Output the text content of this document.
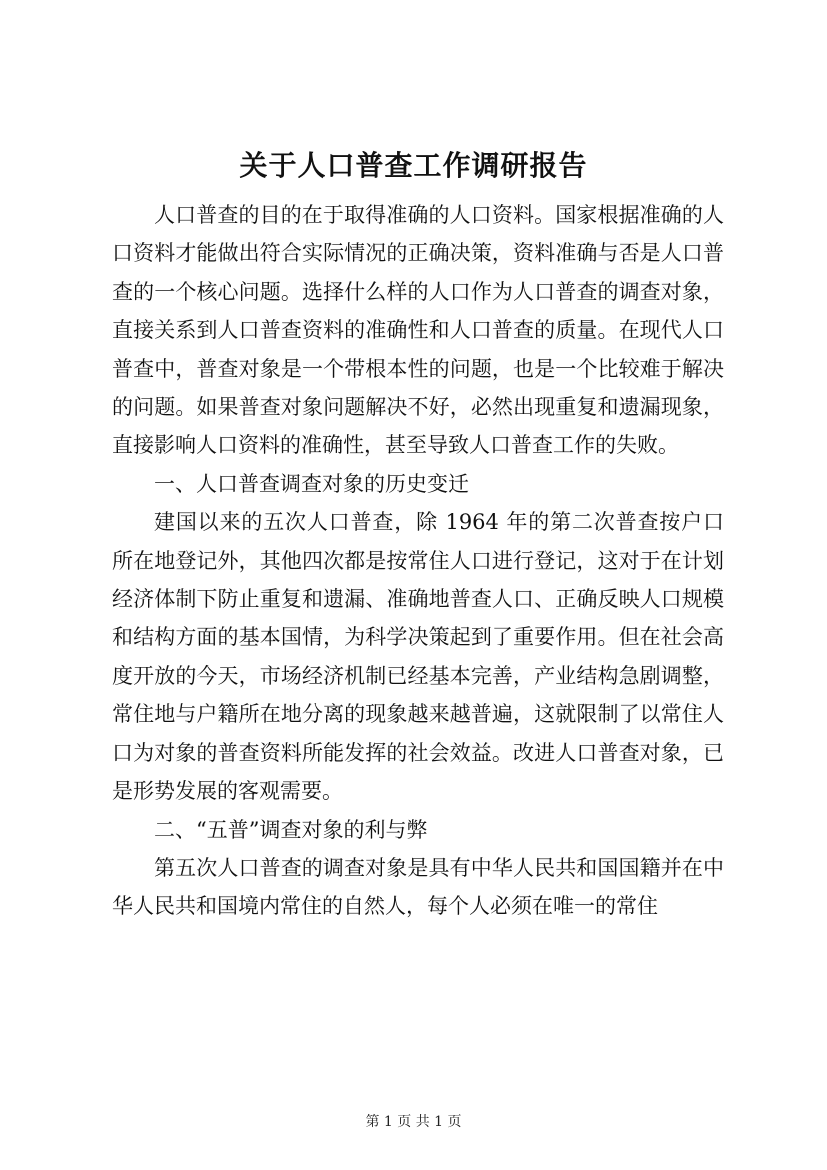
关于人口普查工作调研报告

人口普查的目的在于取得准确的人口资料。国家根据准确的人口资料才能做出符合实际情况的正确决策，资料准确与否是人口普查的一个核心问题。选择什么样的人口作为人口普查的调查对象，直接关系到人口普查资料的准确性和人口普查的质量。在现代人口普查中，普查对象是一个带根本性的问题，也是一个比较难于解决的问题。如果普查对象问题解决不好，必然出现重复和遗漏现象，直接影响人口资料的准确性，甚至导致人口普查工作的失败。

一、人口普查调查对象的历史变迁

建国以来的五次人口普查，除 1964 年的第二次普查按户口所在地登记外，其他四次都是按常住人口进行登记，这对于在计划经济体制下防止重复和遗漏、准确地普查人口、正确反映人口规模和结构方面的基本国情，为科学决策起到了重要作用。但在社会高度开放的今天，市场经济机制已经基本完善，产业结构急剧调整，常住地与户籍所在地分离的现象越来越普遍，这就限制了以常住人口为对象的普查资料所能发挥的社会效益。改进人口普查对象，已是形势发展的客观需要。

二、“五普”调查对象的利与弊

第五次人口普查的调查对象是具有中华人民共和国国籍并在中华人民共和国境内常住的自然人，每个人必须在唯一的常住

第 1 页 共 1 页
